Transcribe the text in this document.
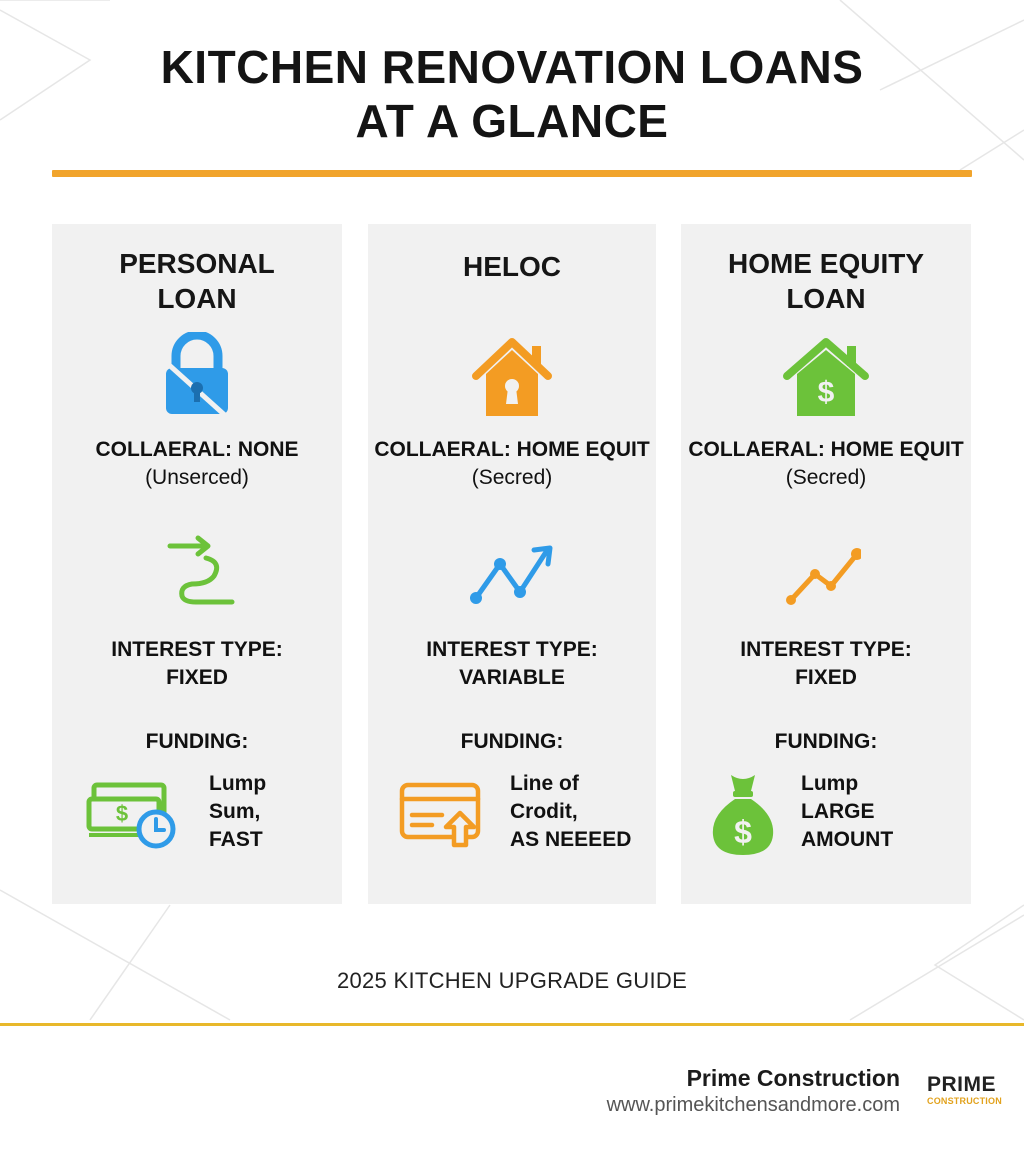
KITCHEN RENOVATION LOANS
AT A GLANCE
PERSONAL
LOAN
COLLAERAL: NONE
(Unserced)
INTEREST TYPE:
FIXED
FUNDING:
$
Lump
Sum,
FAST
HELOC
COLLAERAL: HOME EQUIT
(Secred)
INTEREST TYPE:
VARIABLE
FUNDING:
Line of
Crodit,
AS NEEEED
HOME EQUITY
LOAN
$
COLLAERAL: HOME EQUIT
(Secred)
INTEREST TYPE:
FIXED
FUNDING:
$
Lump
LARGE
AMOUNT
2025 KITCHEN UPGRADE GUIDE
Prime Construction
www.primekitchensandmore.com
PRIME
CONSTRUCTION
